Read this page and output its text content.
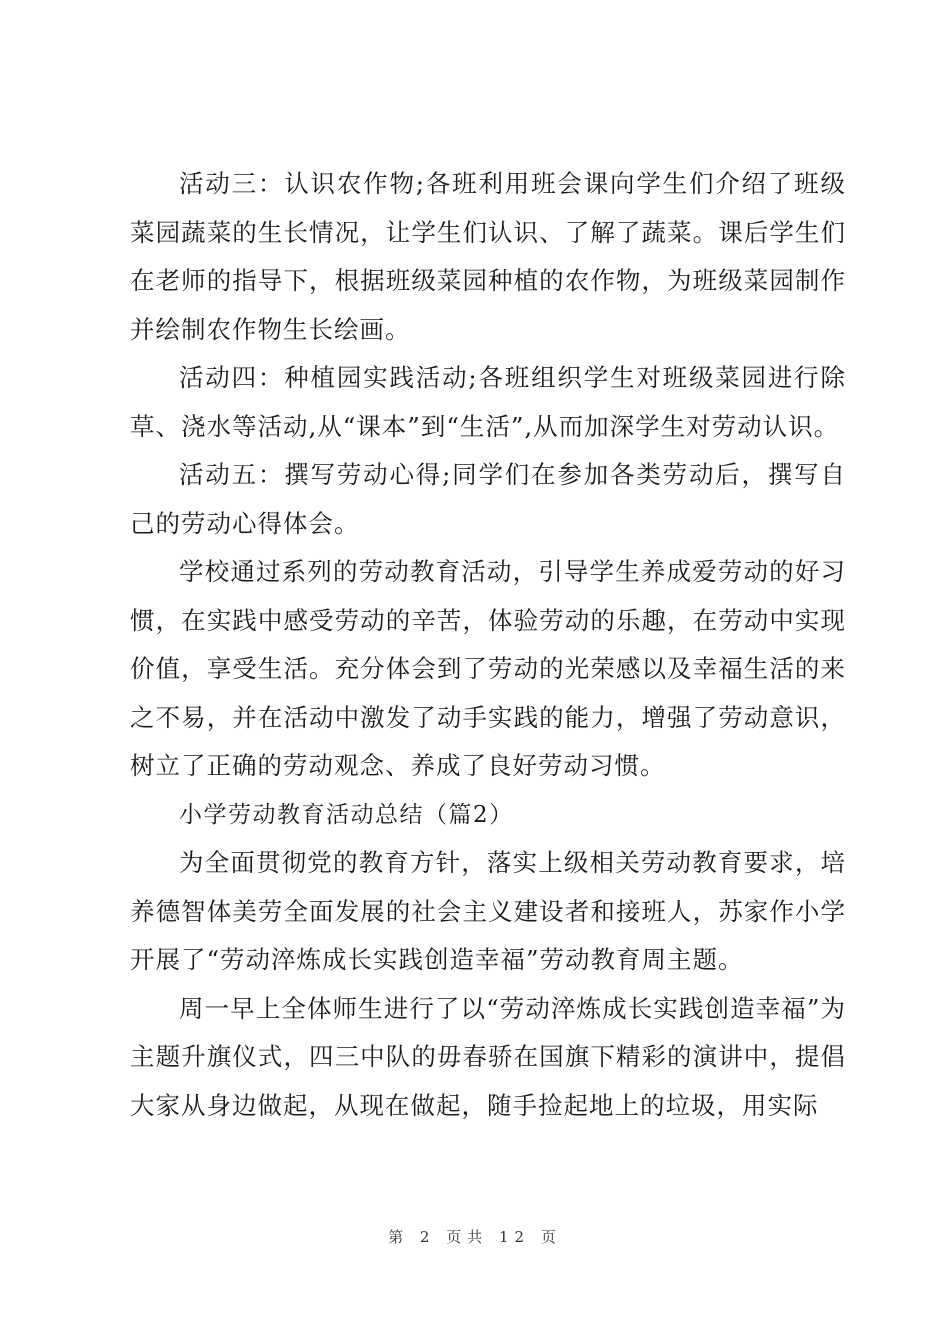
活动三：认识农作物;各班利用班会课向学生们介绍了班级菜园蔬菜的生长情况，让学生们认识、了解了蔬菜。课后学生们在老师的指导下，根据班级菜园种植的农作物，为班级菜园制作并绘制农作物生长绘画。

活动四：种植园实践活动;各班组织学生对班级菜园进行除草、浇水等活动,从“课本”到“生活”,从而加深学生对劳动认识。

活动五：撰写劳动心得;同学们在参加各类劳动后，撰写自己的劳动心得体会。

学校通过系列的劳动教育活动，引导学生养成爱劳动的好习惯，在实践中感受劳动的辛苦，体验劳动的乐趣，在劳动中实现价值，享受生活。充分体会到了劳动的光荣感以及幸福生活的来之不易，并在活动中激发了动手实践的能力，增强了劳动意识，树立了正确的劳动观念、养成了良好劳动习惯。

小学劳动教育活动总结（篇2）

为全面贯彻党的教育方针，落实上级相关劳动教育要求，培养德智体美劳全面发展的社会主义建设者和接班人，苏家作小学开展了“劳动淬炼成长实践创造幸福”劳动教育周主题。

周一早上全体师生进行了以“劳动淬炼成长实践创造幸福”为主题升旗仪式，四三中队的毋春骄在国旗下精彩的演讲中，提倡大家从身边做起，从现在做起，随手捡起地上的垃圾，用实际

第 2 页共 12 页
